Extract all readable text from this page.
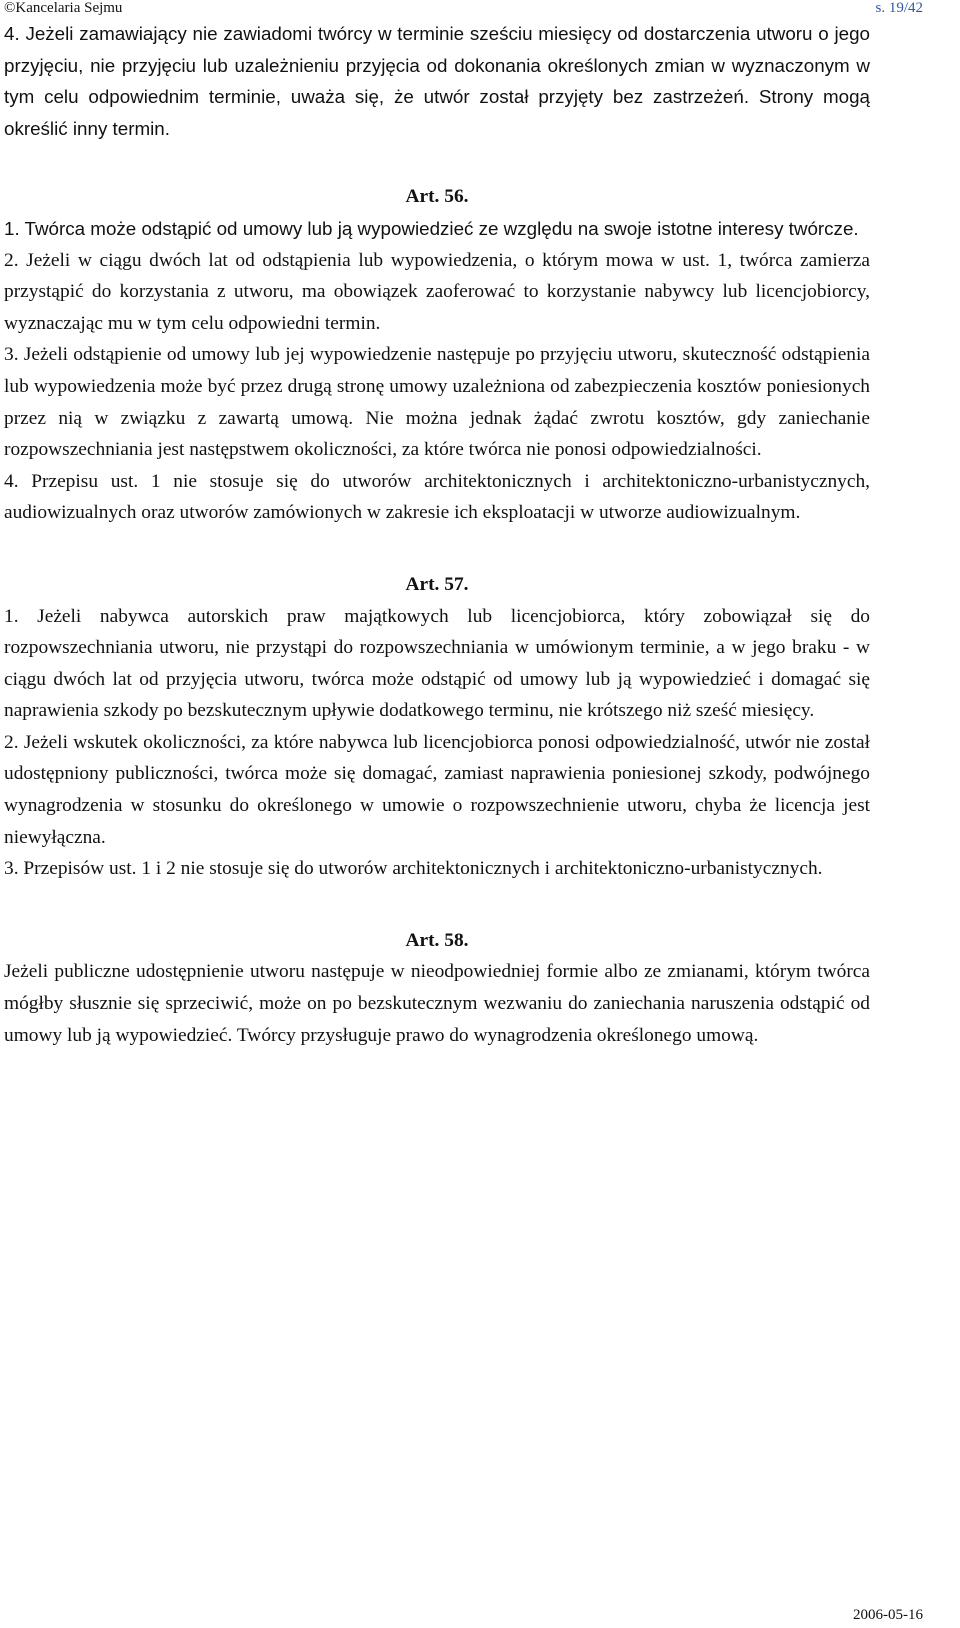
©Kancelaria Sejmu	s. 19/42

4. Jeżeli zamawiający nie zawiadomi twórcy w terminie sześciu miesięcy od dostarczenia utworu o jego przyjęciu, nie przyjęciu lub uzależnieniu przyjęcia od dokonania określonych zmian w wyznaczonym w tym celu odpowiednim terminie, uważa się, że utwór został przyjęty bez zastrzeżeń. Strony mogą określić inny termin.

Art. 56.

1. Twórca może odstąpić od umowy lub ją wypowiedzieć ze względu na swoje istotne interesy twórcze.

2. Jeżeli w ciągu dwóch lat od odstąpienia lub wypowiedzenia, o którym mowa w ust. 1, twórca zamierza przystąpić do korzystania z utworu, ma obowiązek zaoferować to korzystanie nabywcy lub licencjobiorcy, wyznaczając mu w tym celu odpowiedni termin.

3. Jeżeli odstąpienie od umowy lub jej wypowiedzenie następuje po przyjęciu utworu, skuteczność odstąpienia lub wypowiedzenia może być przez drugą stronę umowy uzależniona od zabezpieczenia kosztów poniesionych przez nią w związku z zawartą umową. Nie można jednak żądać zwrotu kosztów, gdy zaniechanie rozpowszechniania jest następstwem okoliczności, za które twórca nie ponosi odpowiedzialności.

4. Przepisu ust. 1 nie stosuje się do utworów architektonicznych i architektoniczno-urbanistycznych, audiowizualnych oraz utworów zamówionych w zakresie ich eksploatacji w utworze audiowizualnym.

Art. 57.

1. Jeżeli nabywca autorskich praw majątkowych lub licencjobiorca, który zobowiązał się do rozpowszechniania utworu, nie przystąpi do rozpowszechniania w umówionym terminie, a w jego braku - w ciągu dwóch lat od przyjęcia utworu, twórca może odstąpić od umowy lub ją wypowiedzieć i domagać się naprawienia szkody po bezskutecznym upływie dodatkowego terminu, nie krótszego niż sześć miesięcy.

2. Jeżeli wskutek okoliczności, za które nabywca lub licencjobiorca ponosi odpowiedzialność, utwór nie został udostępniony publiczności, twórca może się domagać, zamiast naprawienia poniesionej szkody, podwójnego wynagrodzenia w stosunku do określonego w umowie o rozpowszechnienie utworu, chyba że licencja jest niewyłączna.

3. Przepisów ust. 1 i 2 nie stosuje się do utworów architektonicznych i architektoniczno-urbanistycznych.

Art. 58.

Jeżeli publiczne udostępnienie utworu następuje w nieodpowiedniej formie albo ze zmianami, którym twórca mógłby słusznie się sprzeciwić, może on po bezskutecznym wezwaniu do zaniechania naruszenia odstąpić od umowy lub ją wypowiedzieć. Twórcy przysługuje prawo do wynagrodzenia określonego umową.

2006-05-16
